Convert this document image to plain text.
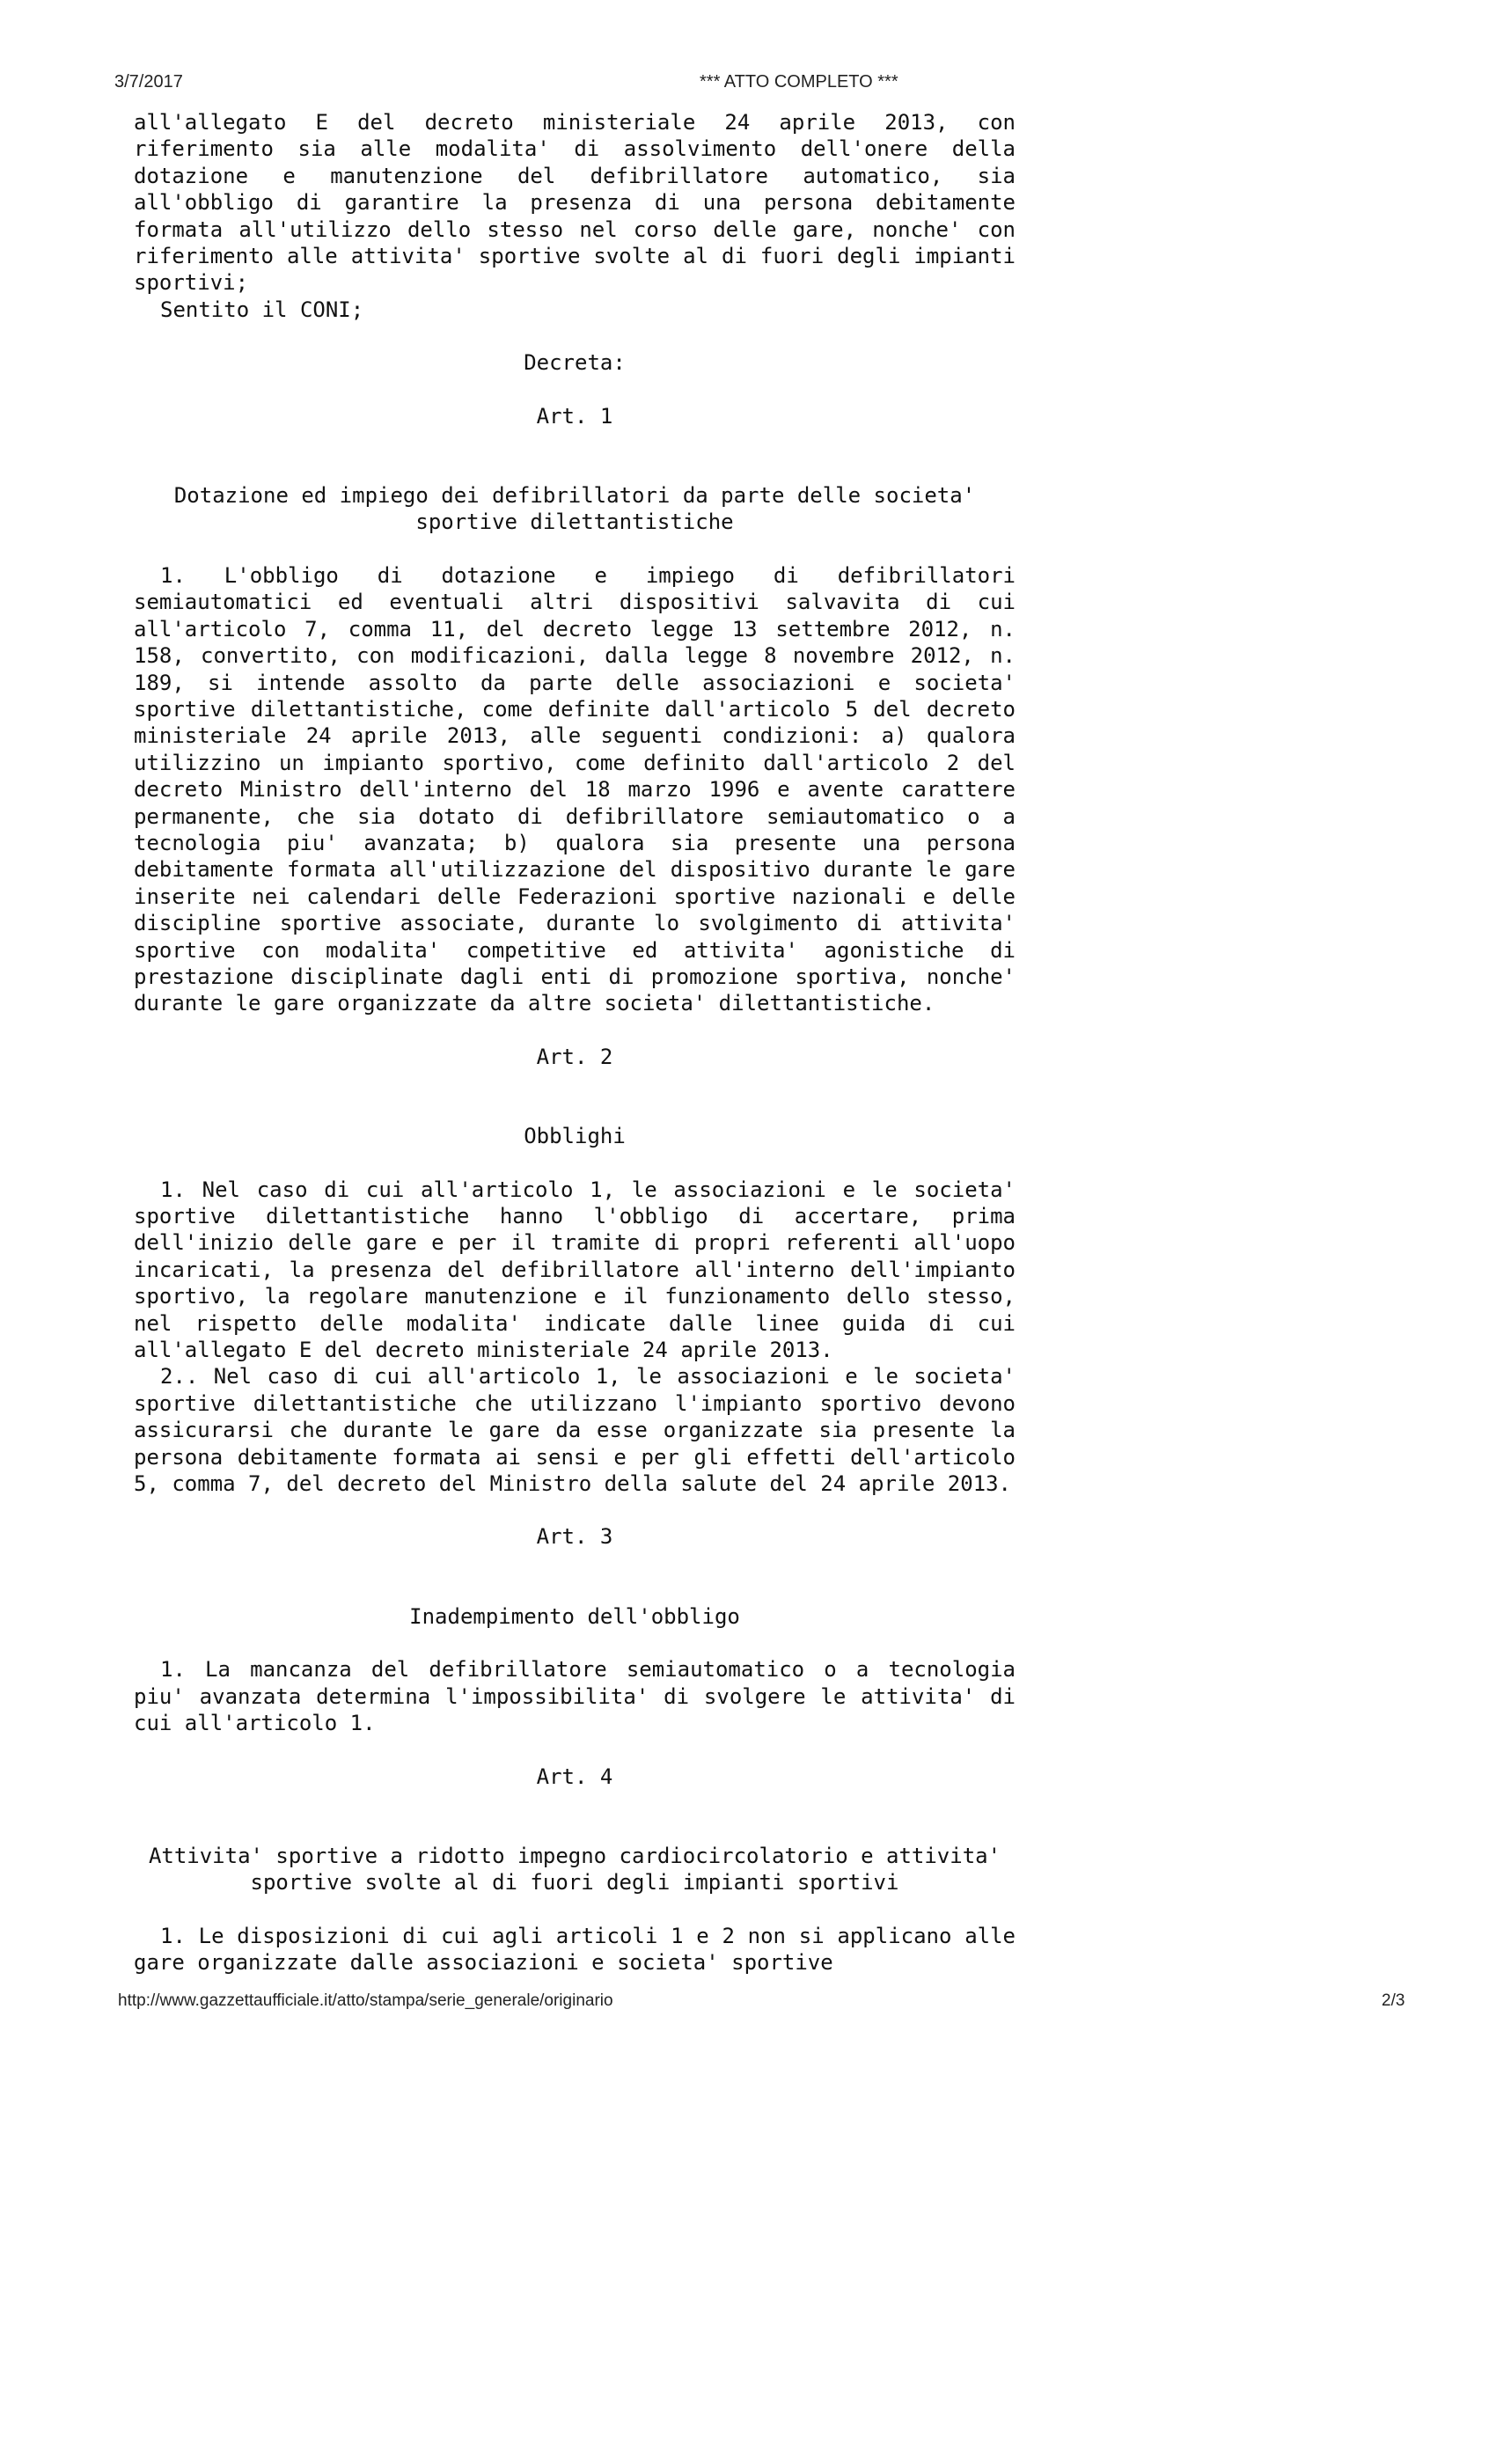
3/7/2017	*** ATTO COMPLETO ***

all'allegato E del decreto ministeriale 24 aprile 2013, con riferimento sia alle modalita' di assolvimento dell'onere della dotazione e manutenzione del defibrillatore automatico, sia all'obbligo di garantire la presenza di una persona debitamente formata all'utilizzo dello stesso nel corso delle gare, nonche' con riferimento alle attivita' sportive svolte al di fuori degli impianti sportivi;

Sentito il CONI;

Decreta:

Art. 1

Dotazione ed impiego dei defibrillatori da parte delle societa'

sportive dilettantistiche

1. L'obbligo di dotazione e impiego di defibrillatori semiautomatici ed eventuali altri dispositivi salvavita di cui all'articolo 7, comma 11, del decreto legge 13 settembre 2012, n. 158, convertito, con modificazioni, dalla legge 8 novembre 2012, n. 189, si intende assolto da parte delle associazioni e societa' sportive dilettantistiche, come definite dall'articolo 5 del decreto ministeriale 24 aprile 2013, alle seguenti condizioni: a) qualora utilizzino un impianto sportivo, come definito dall'articolo 2 del decreto Ministro dell'interno del 18 marzo 1996 e avente carattere permanente, che sia dotato di defibrillatore semiautomatico o a tecnologia piu' avanzata; b) qualora sia presente una persona debitamente formata all'utilizzazione del dispositivo durante le gare inserite nei calendari delle Federazioni sportive nazionali e delle discipline sportive associate, durante lo svolgimento di attivita' sportive con modalita' competitive ed attivita' agonistiche di prestazione disciplinate dagli enti di promozione sportiva, nonche' durante le gare organizzate da altre societa' dilettantistiche.

Art. 2

Obblighi

1. Nel caso di cui all'articolo 1, le associazioni e le societa' sportive dilettantistiche hanno l'obbligo di accertare, prima dell'inizio delle gare e per il tramite di propri referenti all'uopo incaricati, la presenza del defibrillatore all'interno dell'impianto sportivo, la regolare manutenzione e il funzionamento dello stesso, nel rispetto delle modalita' indicate dalle linee guida di cui all'allegato E del decreto ministeriale 24 aprile 2013.

2.. Nel caso di cui all'articolo 1, le associazioni e le societa' sportive dilettantistiche che utilizzano l'impianto sportivo devono assicurarsi che durante le gare da esse organizzate sia presente la persona debitamente formata ai sensi e per gli effetti dell'articolo 5, comma 7, del decreto del Ministro della salute del 24 aprile 2013.

Art. 3

Inadempimento dell'obbligo

1. La mancanza del defibrillatore semiautomatico o a tecnologia piu' avanzata determina l'impossibilita' di svolgere le attivita' di cui all'articolo 1.

Art. 4

Attivita' sportive a ridotto impegno cardiocircolatorio e attivita'

sportive svolte al di fuori degli impianti sportivi

1. Le disposizioni di cui agli articoli 1 e 2 non si applicano alle gare organizzate dalle associazioni e societa' sportive

http://www.gazzettaufficiale.it/atto/stampa/serie_generale/originario	2/3
